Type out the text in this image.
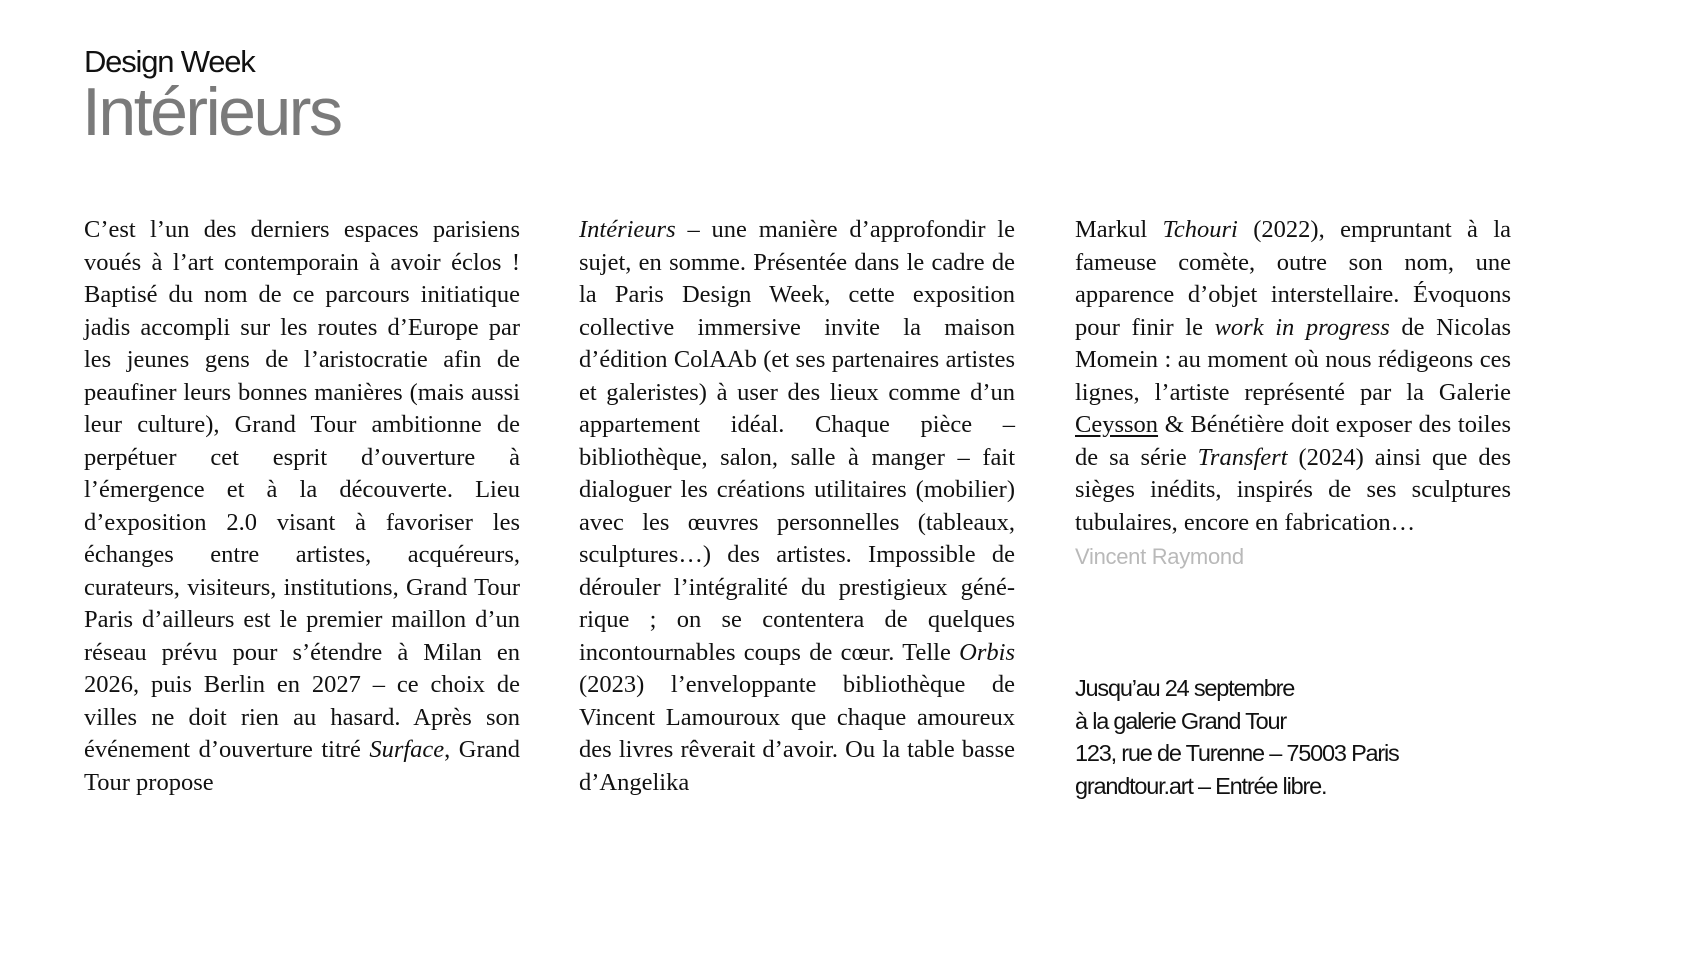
Design Week
Intérieurs

C’est l’un des derniers espaces parisiens voués à l’art contemporain à avoir éclos ! Baptisé du nom de ce parcours initiatique jadis accompli sur les routes d’Europe par les jeunes gens de l’aristocratie afin de peaufiner leurs bonnes manières (mais aussi leur culture), Grand Tour ambitionne de perpétuer cet esprit d’ouverture à l’émergence et à la découverte. Lieu d’exposition 2.0 visant à favoriser les échanges entre artistes, acquéreurs, curateurs, visiteurs, institutions, Grand Tour Paris d’ailleurs est le premier maillon d’un réseau prévu pour s’étendre à Milan en 2026, puis Berlin en 2027 – ce choix de villes ne doit rien au hasard. Après son événement d’ouverture titré Surface, Grand Tour propose

Intérieurs – une manière d’approfondir le sujet, en somme. Présentée dans le cadre de la Paris Design Week, cette exposition collective immersive invite la maison d’édition ColAAb (et ses partenaires artistes et galeristes) à user des lieux comme d’un appartement idéal. Chaque pièce – bibliothèque, salon, salle à manger – fait dialoguer les créations utilitaires (mobilier) avec les œuvres personnelles (tableaux, sculptures…) des artistes. Impossible de dérouler l’intégralité du prestigieux générique ; on se contentera de quelques incontournables coups de cœur. Telle Orbis (2023) l’enveloppante bibliothèque de Vincent Lamouroux que chaque amoureux des livres rêverait d’avoir. Ou la table basse d’Angelika

Markul Tchouri (2022), empruntant à la fameuse comète, outre son nom, une apparence d’objet interstellaire. Évoquons pour finir le work in progress de Nicolas Momein : au moment où nous rédigeons ces lignes, l’artiste représenté par la Galerie Ceysson & Bénétière doit exposer des toiles de sa série Transfert (2024) ainsi que des sièges inédits, inspirés de ses sculptures tubulaires, encore en fabrication…

Vincent Raymond
Jusqu’au 24 septembre
à la galerie Grand Tour
123, rue de Turenne – 75003 Paris
grandtour.art – Entrée libre.
